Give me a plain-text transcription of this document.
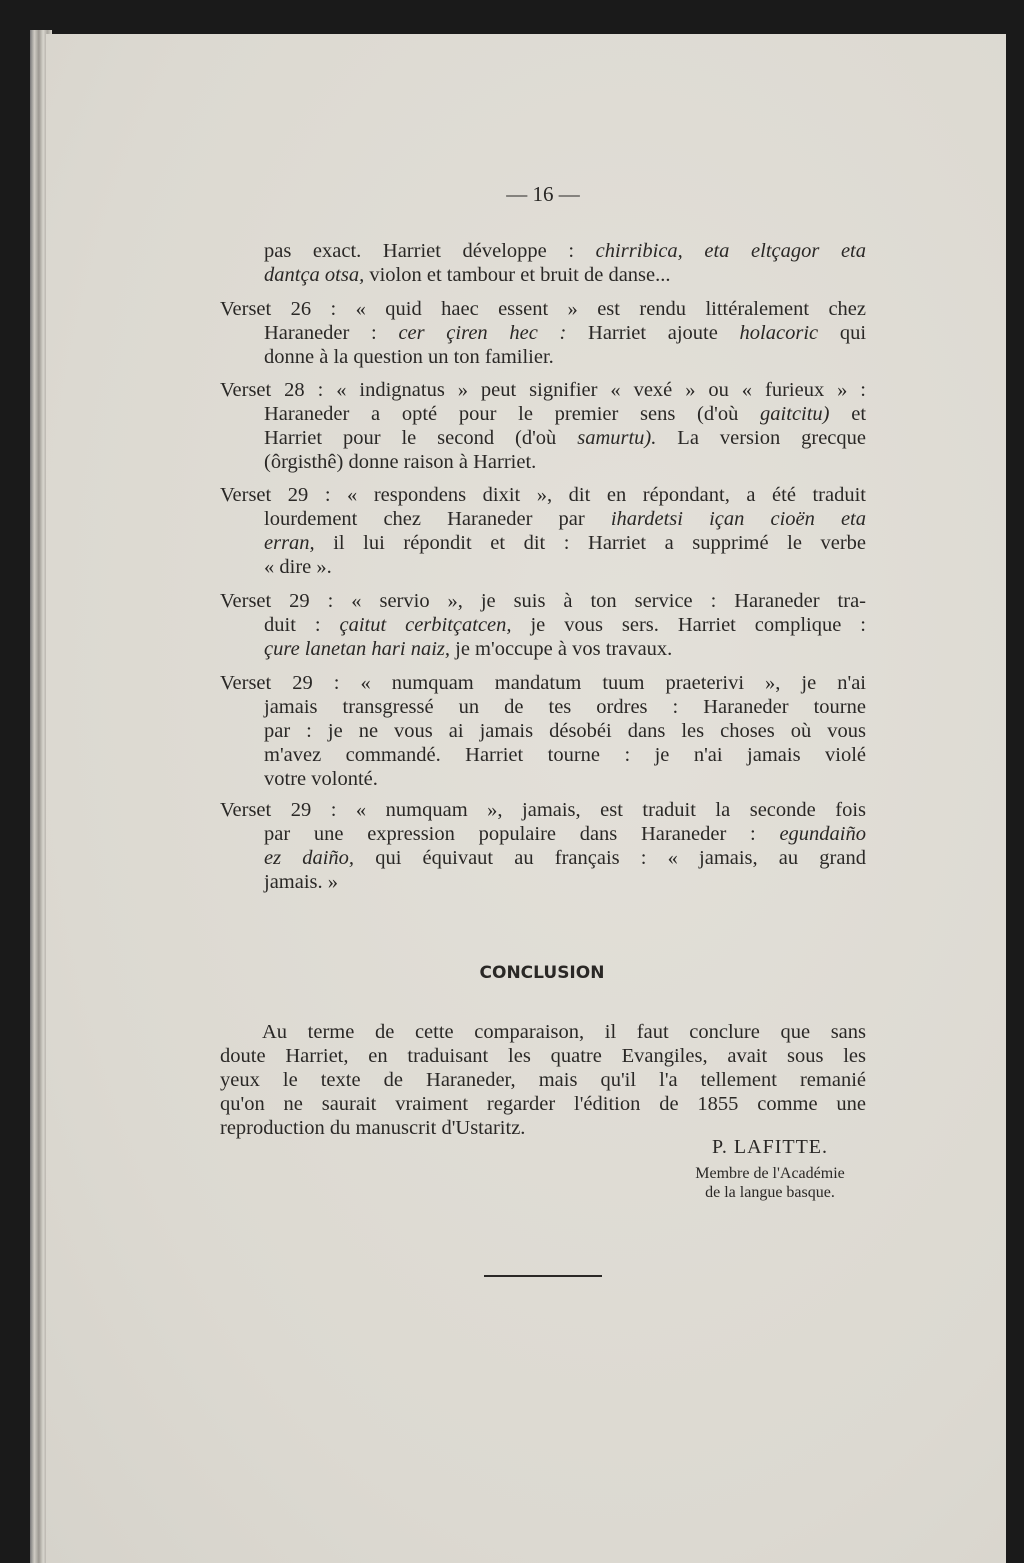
— 16 —
pas exact. Harriet développe : chirribica, eta eltçagor eta
dantça otsa, violon et tambour et bruit de danse...
Verset 26 : « quid haec essent » est rendu littéralement chez
Haraneder : cer çiren hec : Harriet ajoute holacoric qui
donne à la question un ton familier.
Verset 28 : « indignatus » peut signifier « vexé » ou « furieux » :
Haraneder a opté pour le premier sens (d'où gaitcitu) et
Harriet pour le second (d'où samurtu). La version grecque
(ôrgisthê) donne raison à Harriet.
Verset 29 : « respondens dixit », dit en répondant, a été traduit
lourdement chez Haraneder par ihardetsi içan cioën eta
erran, il lui répondit et dit : Harriet a supprimé le verbe
« dire ».
Verset 29 : « servio », je suis à ton service : Haraneder tra-
duit : çaitut cerbitçatcen, je vous sers. Harriet complique :
çure lanetan hari naiz, je m'occupe à vos travaux.
Verset 29 : « numquam mandatum tuum praeterivi », je n'ai
jamais transgressé un de tes ordres : Haraneder tourne
par : je ne vous ai jamais désobéi dans les choses où vous
m'avez commandé. Harriet tourne : je n'ai jamais violé
votre volonté.
Verset 29 : « numquam », jamais, est traduit la seconde fois
par une expression populaire dans Haraneder : egundaiño
ez daiño, qui équivaut au français : « jamais, au grand
jamais. »
CONCLUSION
Au terme de cette comparaison, il faut conclure que sans
doute Harriet, en traduisant les quatre Evangiles, avait sous les
yeux le texte de Haraneder, mais qu'il l'a tellement remanié
qu'on ne saurait vraiment regarder l'édition de 1855 comme une
reproduction du manuscrit d'Ustaritz.
P. LAFITTE.
Membre de l'Académie
de la langue basque.
